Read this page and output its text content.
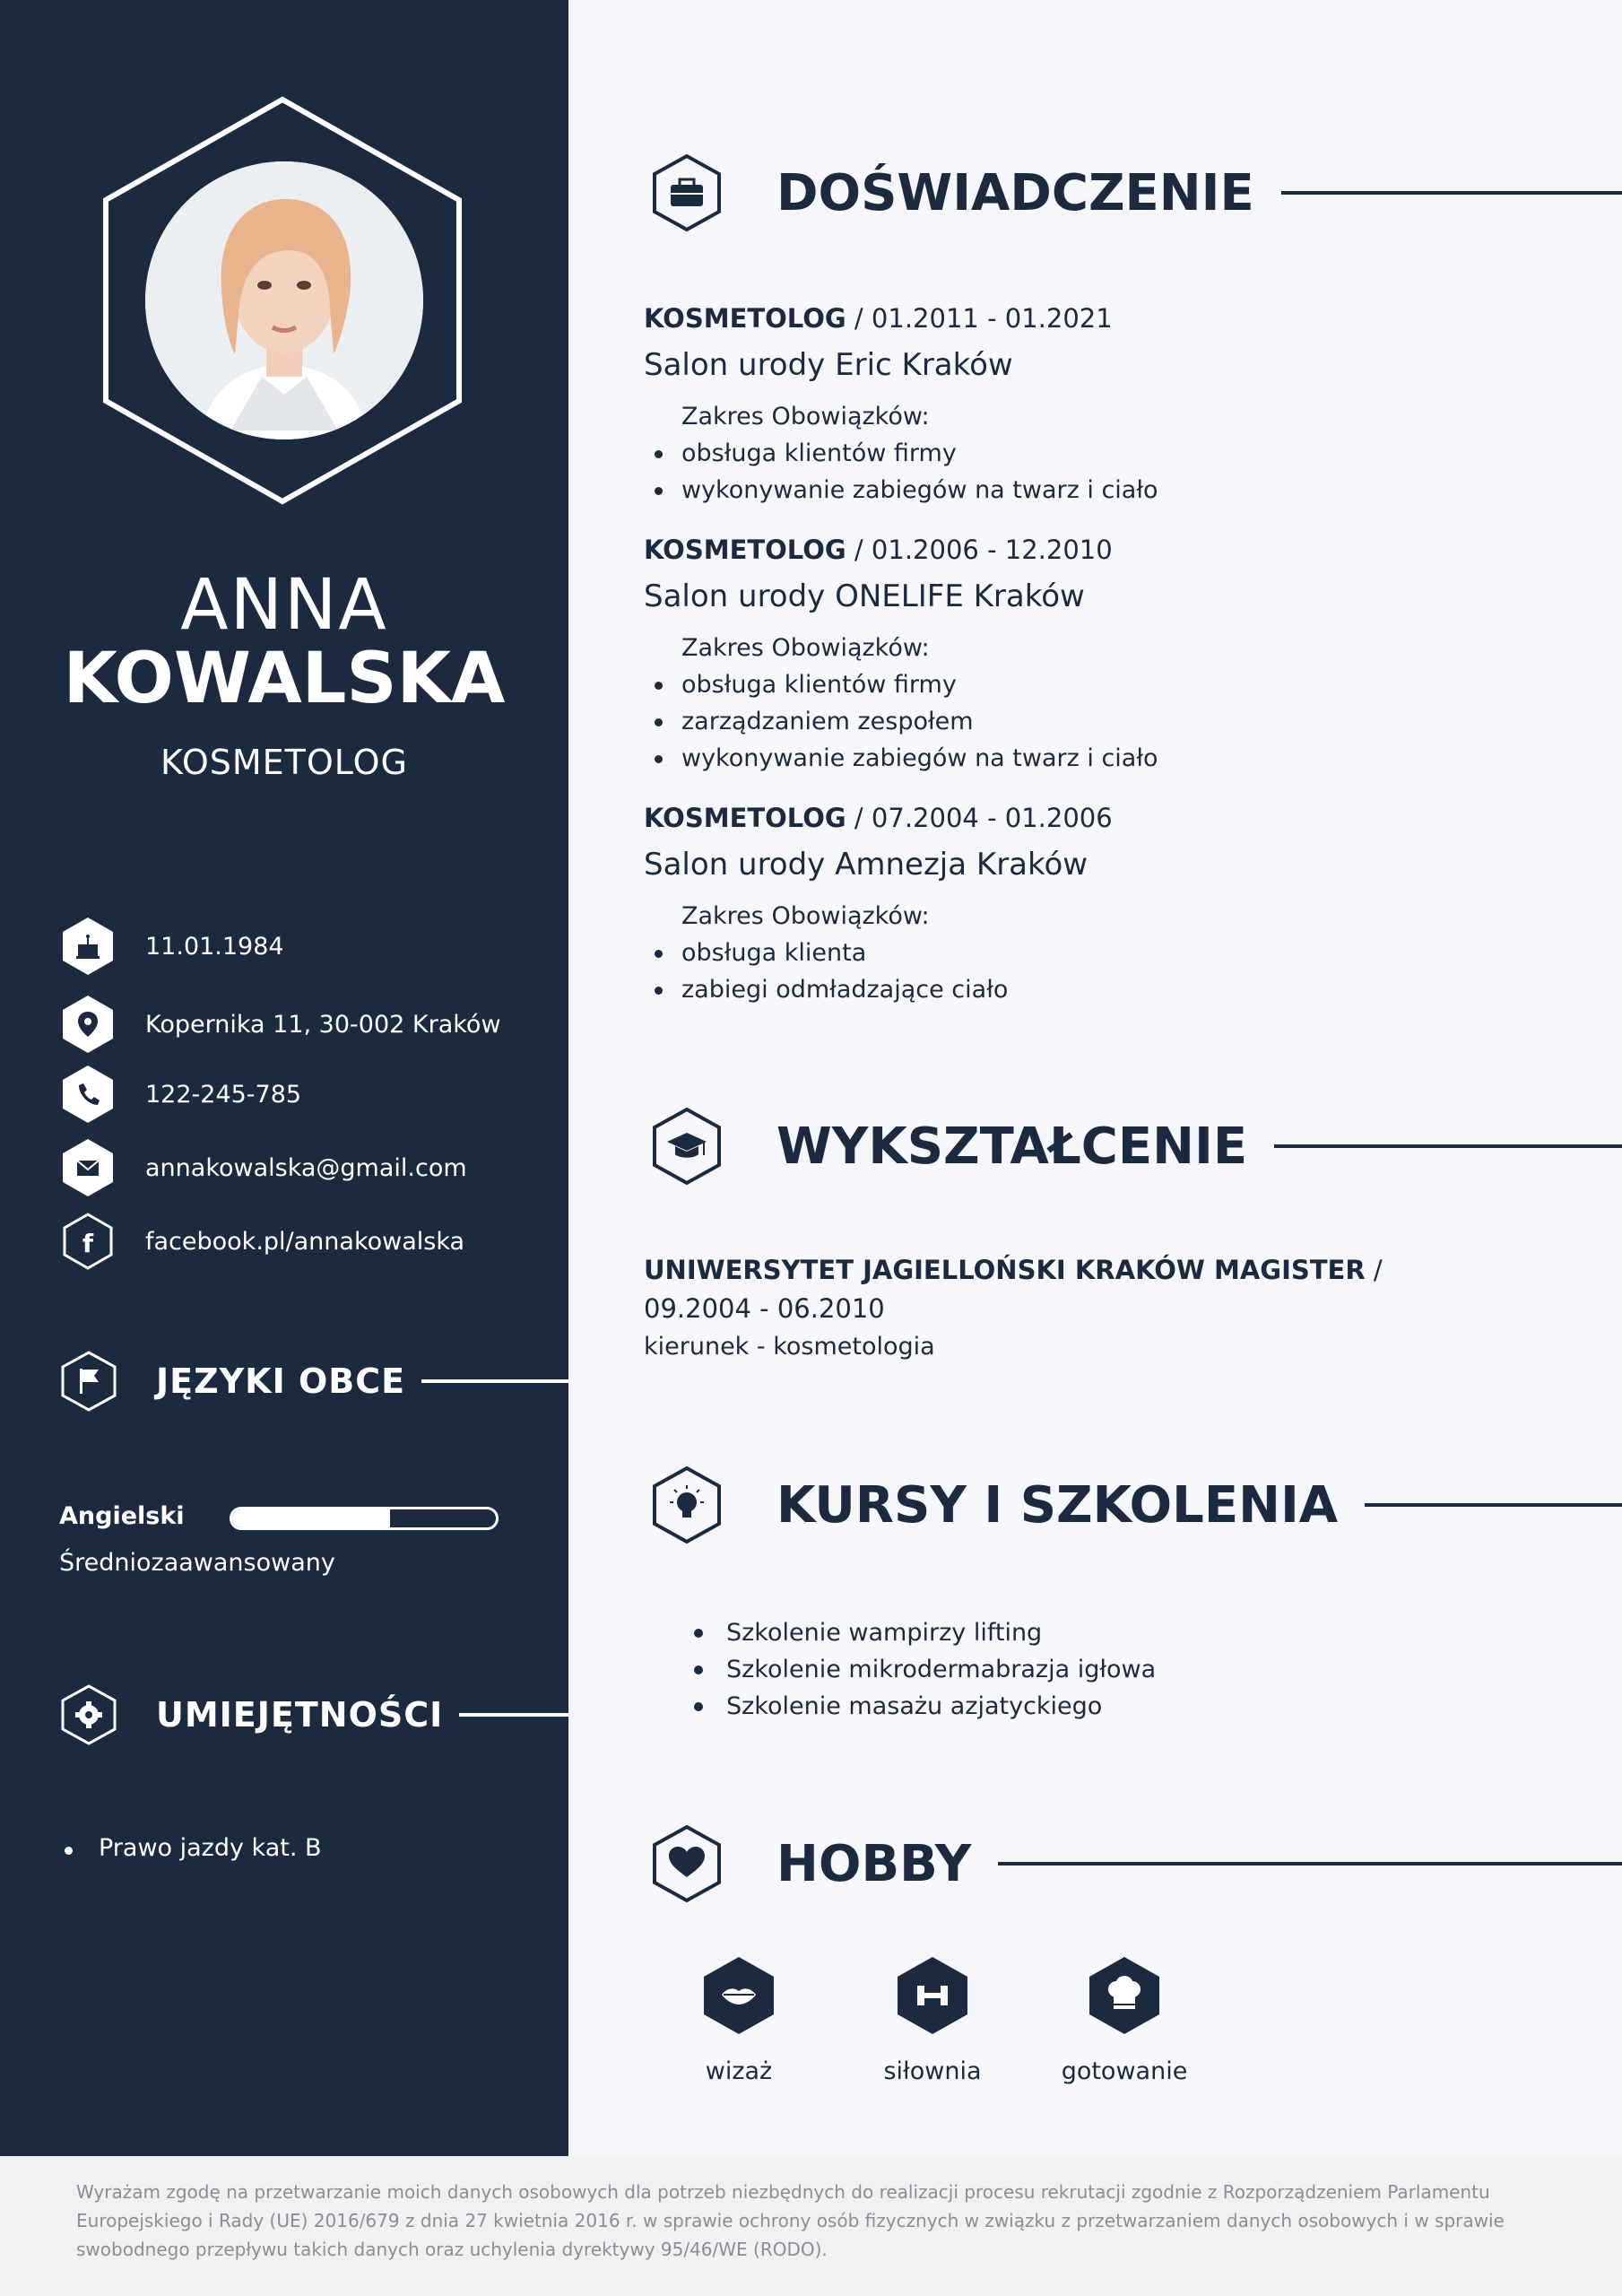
ANNA
KOWALSKA
KOSMETOLOG
11.01.1984
Kopernika 11, 30-002 Kraków
122-245-785
annakowalska@gmail.com
f facebook.pl/annakowalska
JĘZYKI OBCE
Angielski
Średniozaawansowany
UMIEJĘTNOŚCI
Prawo jazdy kat. B
DOŚWIADCZENIE
KOSMETOLOG / 01.2011 - 01.2021
Salon urody Eric Kraków
Zakres Obowiązków:
obsługa klientów firmy
wykonywanie zabiegów na twarz i ciało
KOSMETOLOG / 01.2006 - 12.2010
Salon urody ONELIFE Kraków
Zakres Obowiązków:
obsługa klientów firmy
zarządzaniem zespołem
wykonywanie zabiegów na twarz i ciało
KOSMETOLOG / 07.2004 - 01.2006
Salon urody Amnezja Kraków
Zakres Obowiązków:
obsługa klienta
zabiegi odmładzające ciało
WYKSZTAŁCENIE
UNIWERSYTET JAGIELLOŃSKI KRAKÓW MAGISTER / 09.2004 - 06.2010
kierunek - kosmetologia
KURSY I SZKOLENIA
Szkolenie wampirzy lifting
Szkolenie mikrodermabrazja igłowa
Szkolenie masażu azjatyckiego
HOBBY
wizaż	siłownia	gotowanie

Wyrażam zgodę na przetwarzanie moich danych osobowych dla potrzeb niezbędnych do realizacji procesu rekrutacji zgodnie z Rozporządzeniem Parlamentu Europejskiego i Rady (UE) 2016/679 z dnia 27 kwietnia 2016 r. w sprawie ochrony osób fizycznych w związku z przetwarzaniem danych osobowych i w sprawie swobodnego przepływu takich danych oraz uchylenia dyrektywy 95/46/WE (RODO).
